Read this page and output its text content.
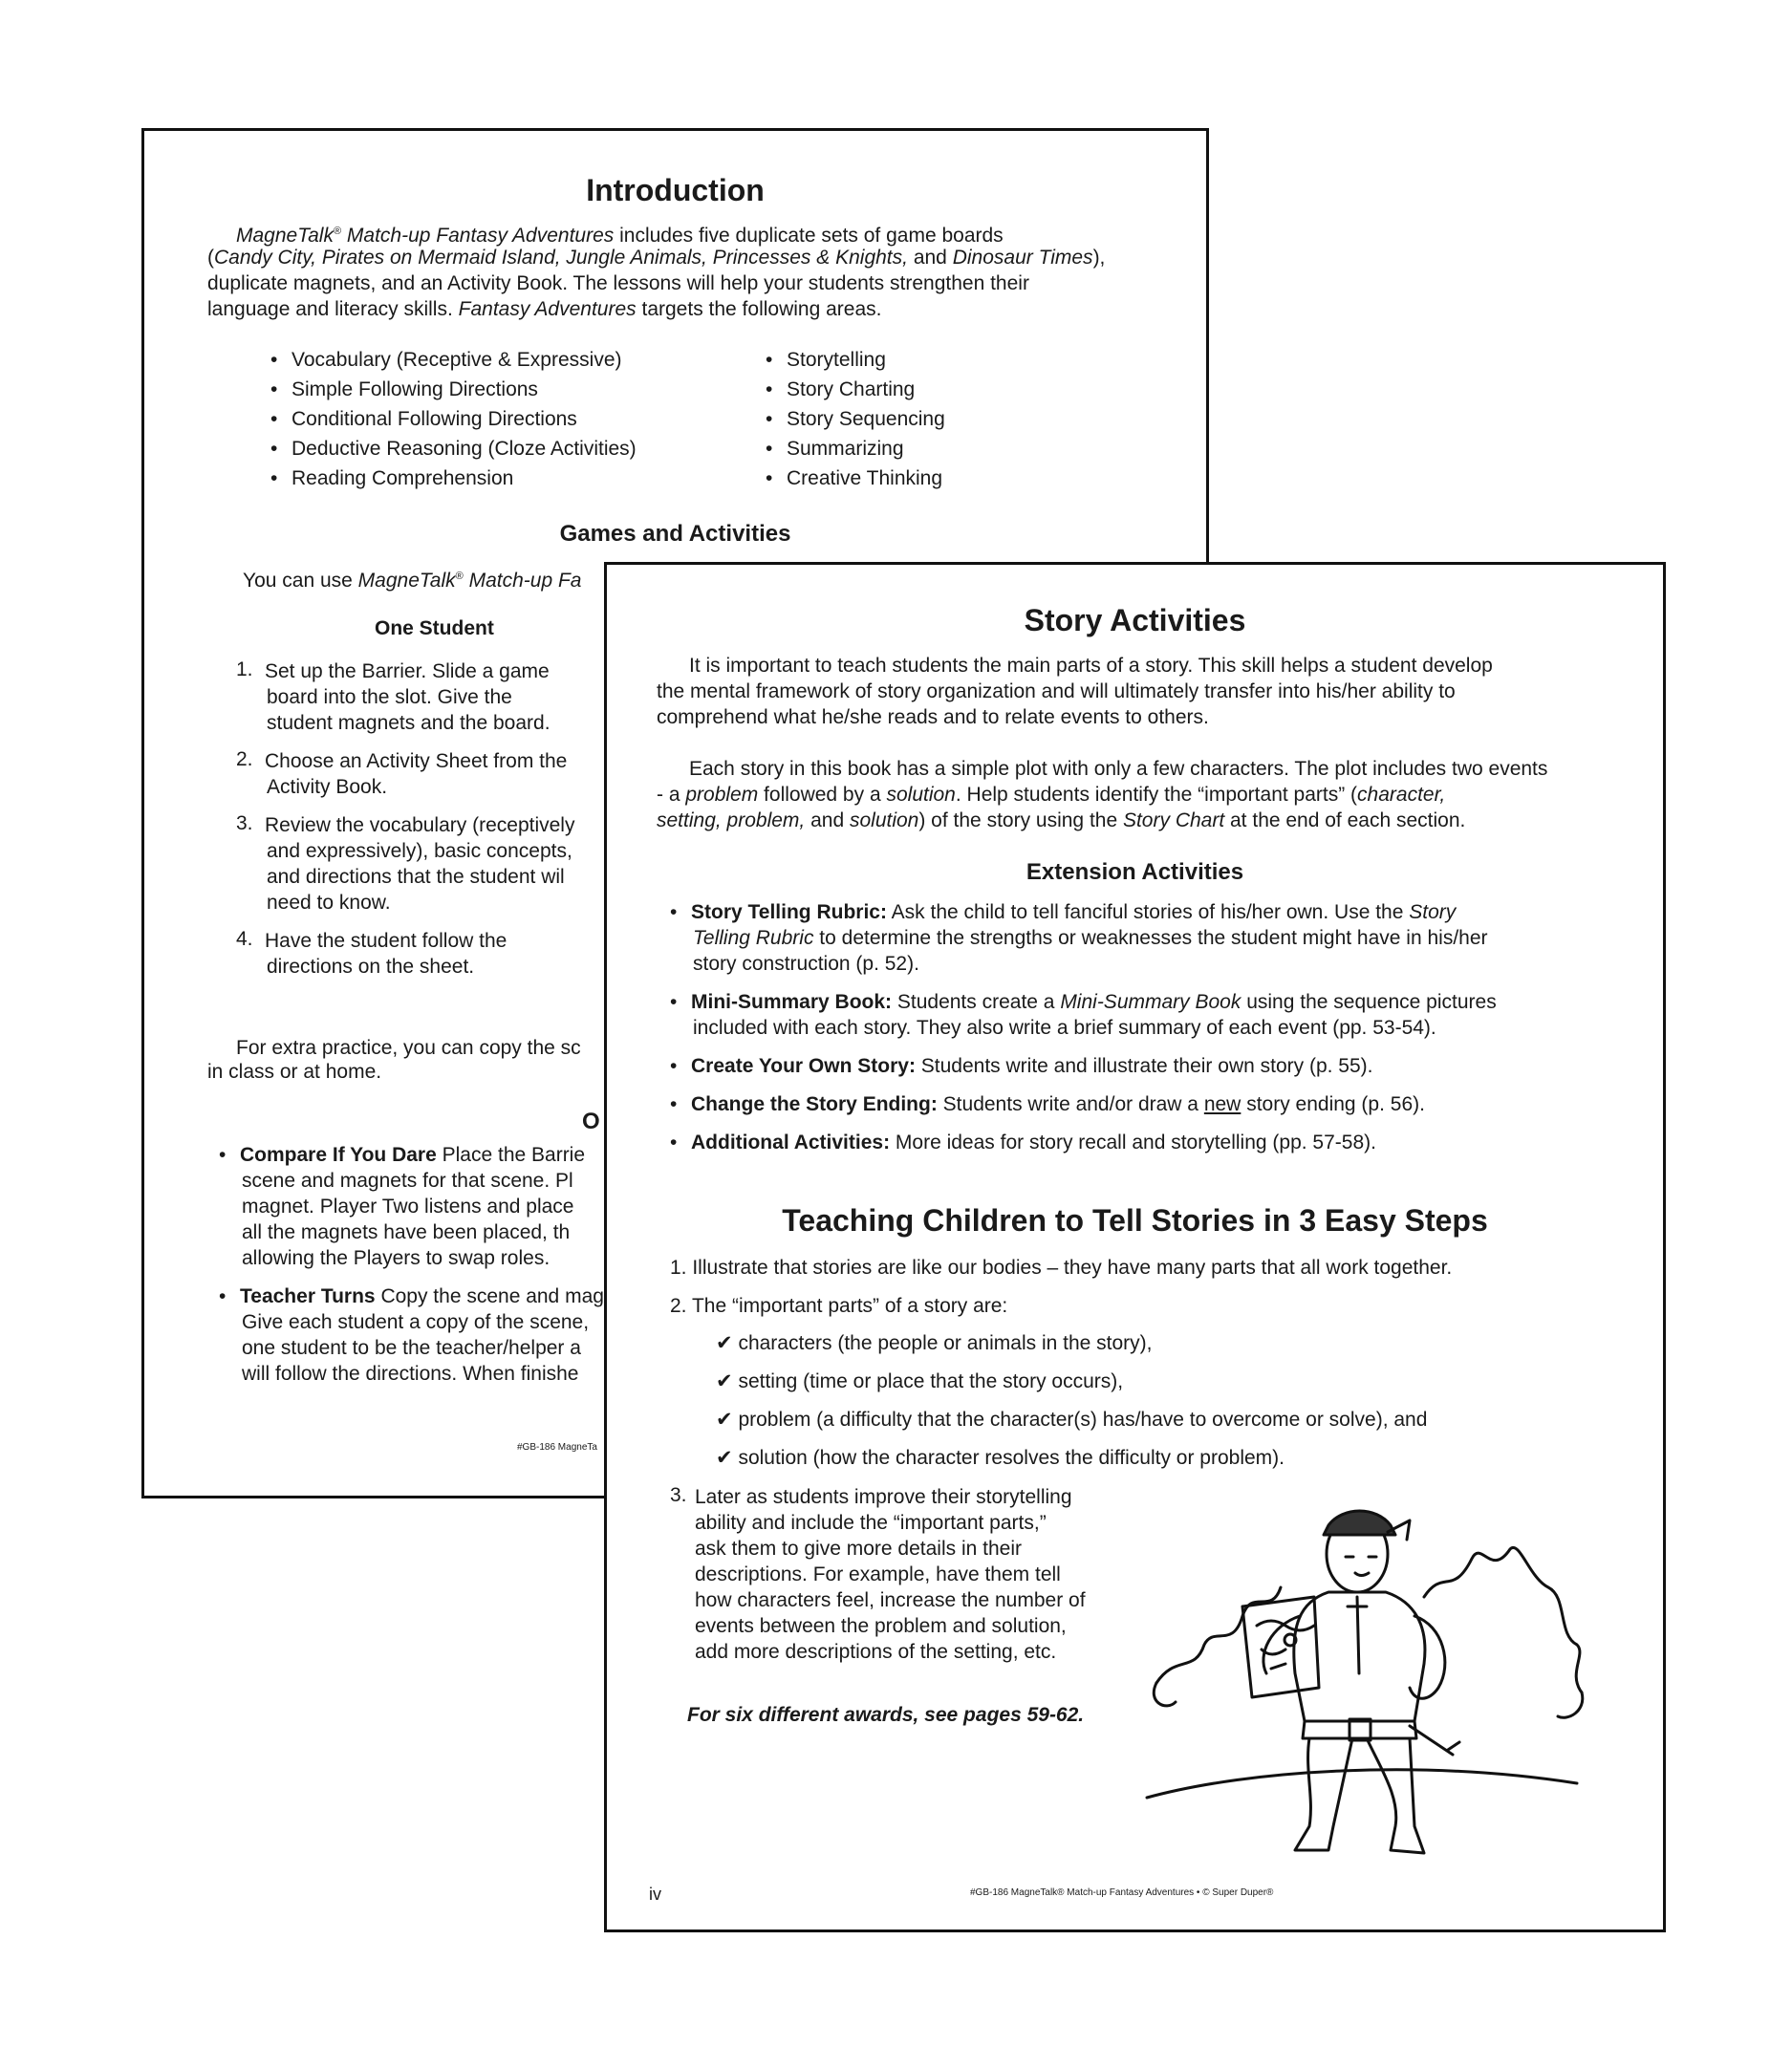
Introduction
MagneTalk® Match-up Fantasy Adventures includes five duplicate sets of game boards
(Candy City, Pirates on Mermaid Island, Jungle Animals, Princesses & Knights, and Dinosaur Times),
duplicate magnets, and an Activity Book. The lessons will help your students strengthen their
language and literacy skills. Fantasy Adventures targets the following areas.
• Vocabulary (Receptive & Expressive)
• Simple Following Directions
• Conditional Following Directions
• Deductive Reasoning (Cloze Activities)
• Reading Comprehension
• Storytelling
• Story Charting
• Story Sequencing
• Summarizing
• Creative Thinking
Games and Activities
You can use MagneTalk® Match-up Fa
One Student
1. Set up the Barrier. Slide a game
board into the slot. Give the
student magnets and the board.
2. Choose an Activity Sheet from the
Activity Book.
3. Review the vocabulary (receptively
and expressively), basic concepts,
and directions that the student wil
need to know.
4. Have the student follow the
directions on the sheet.
For extra practice, you can copy the sc
in class or at home.
O
• Compare If You Dare Place the Barrie
scene and magnets for that scene. Pl
magnet. Player Two listens and place
all the magnets have been placed, th
allowing the Players to swap roles.
• Teacher Turns Copy the scene and mag
Give each student a copy of the scene,
one student to be the teacher/helper a
will follow the directions. When finishe
#GB-186 MagneTa
Story Activities
It is important to teach students the main parts of a story. This skill helps a student develop
the mental framework of story organization and will ultimately transfer into his/her ability to
comprehend what he/she reads and to relate events to others.
Each story in this book has a simple plot with only a few characters. The plot includes two events
- a problem followed by a solution. Help students identify the “important parts” (character,
setting, problem, and solution) of the story using the Story Chart at the end of each section.
Extension Activities
• Story Telling Rubric: Ask the child to tell fanciful stories of his/her own. Use the Story
Telling Rubric to determine the strengths or weaknesses the student might have in his/her
story construction (p. 52).
• Mini-Summary Book: Students create a Mini-Summary Book using the sequence pictures
included with each story. They also write a brief summary of each event (pp. 53-54).
• Create Your Own Story: Students write and illustrate their own story (p. 55).
• Change the Story Ending: Students write and/or draw a new story ending (p. 56).
• Additional Activities: More ideas for story recall and storytelling (pp. 57-58).
Teaching Children to Tell Stories in 3 Easy Steps
1. Illustrate that stories are like our bodies – they have many parts that all work together.
2. The “important parts” of a story are:
✔ characters (the people or animals in the story),
✔ setting (time or place that the story occurs),
✔ problem (a difficulty that the character(s) has/have to overcome or solve), and
✔ solution (how the character resolves the difficulty or problem).
3. Later as students improve their storytelling
ability and include the “important parts,”
ask them to give more details in their
descriptions. For example, have them tell
how characters feel, increase the number of
events between the problem and solution,
add more descriptions of the setting, etc.
For six different awards, see pages 59-62.
iv	#GB-186 MagneTalk® Match-up Fantasy Adventures • © Super Duper®
